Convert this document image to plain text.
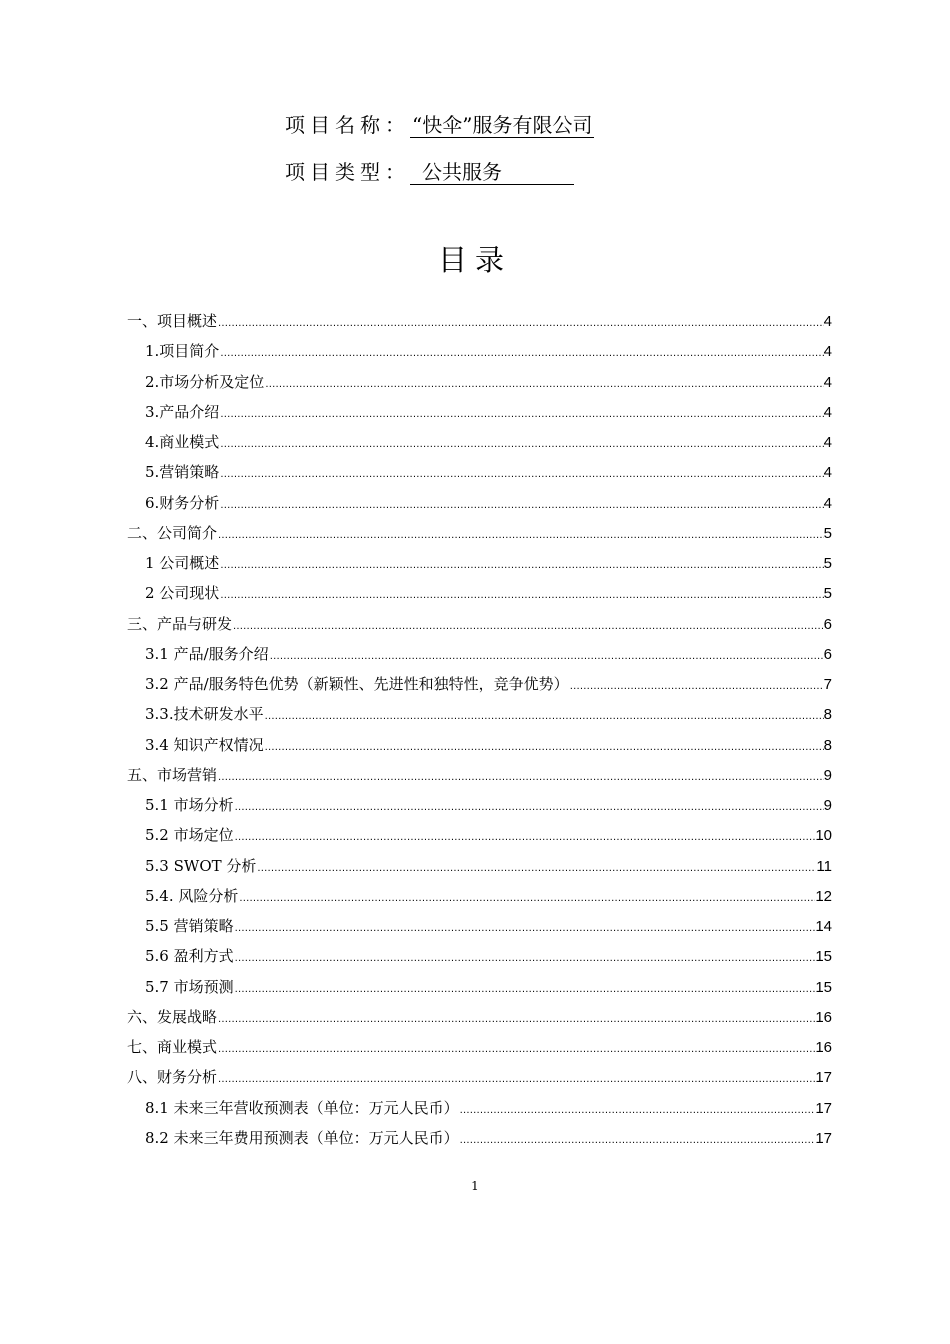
项目名称： “快伞”服务有限公司
项目类型： 公共服务
目录
一、项目概述 .....	4
1.项目简介 .....	4
2.市场分析及定位 .....	4
3.产品介绍 .....	4
4.商业模式 .....	4
5.营销策略 .....	4
6.财务分析 .....	4
二、公司简介 .....	5
1 公司概述 .....	5
2 公司现状 .....	5
三、产品与研发 .....	6
3.1 产品/服务介绍 .....	6
3.2 产品/服务特色优势（新颖性、先进性和独特性，竞争优势） .....	7
3.3.技术研发水平 .....	8
3.4 知识产权情况 .....	8
五、市场营销 .....	9
5.1 市场分析 .....	9
5.2 市场定位 .....	10
5.3 SWOT 分析 .....	11
5.4. 风险分析 .....	12
5.5 营销策略 .....	14
5.6 盈利方式 .....	15
5.7 市场预测 .....	15
六、发展战略 .....	16
七、商业模式 .....	16
八、财务分析 .....	17
8.1 未来三年营收预测表（单位：万元人民币） .....	17
8.2 未来三年费用预测表（单位：万元人民币） .....	17
1
